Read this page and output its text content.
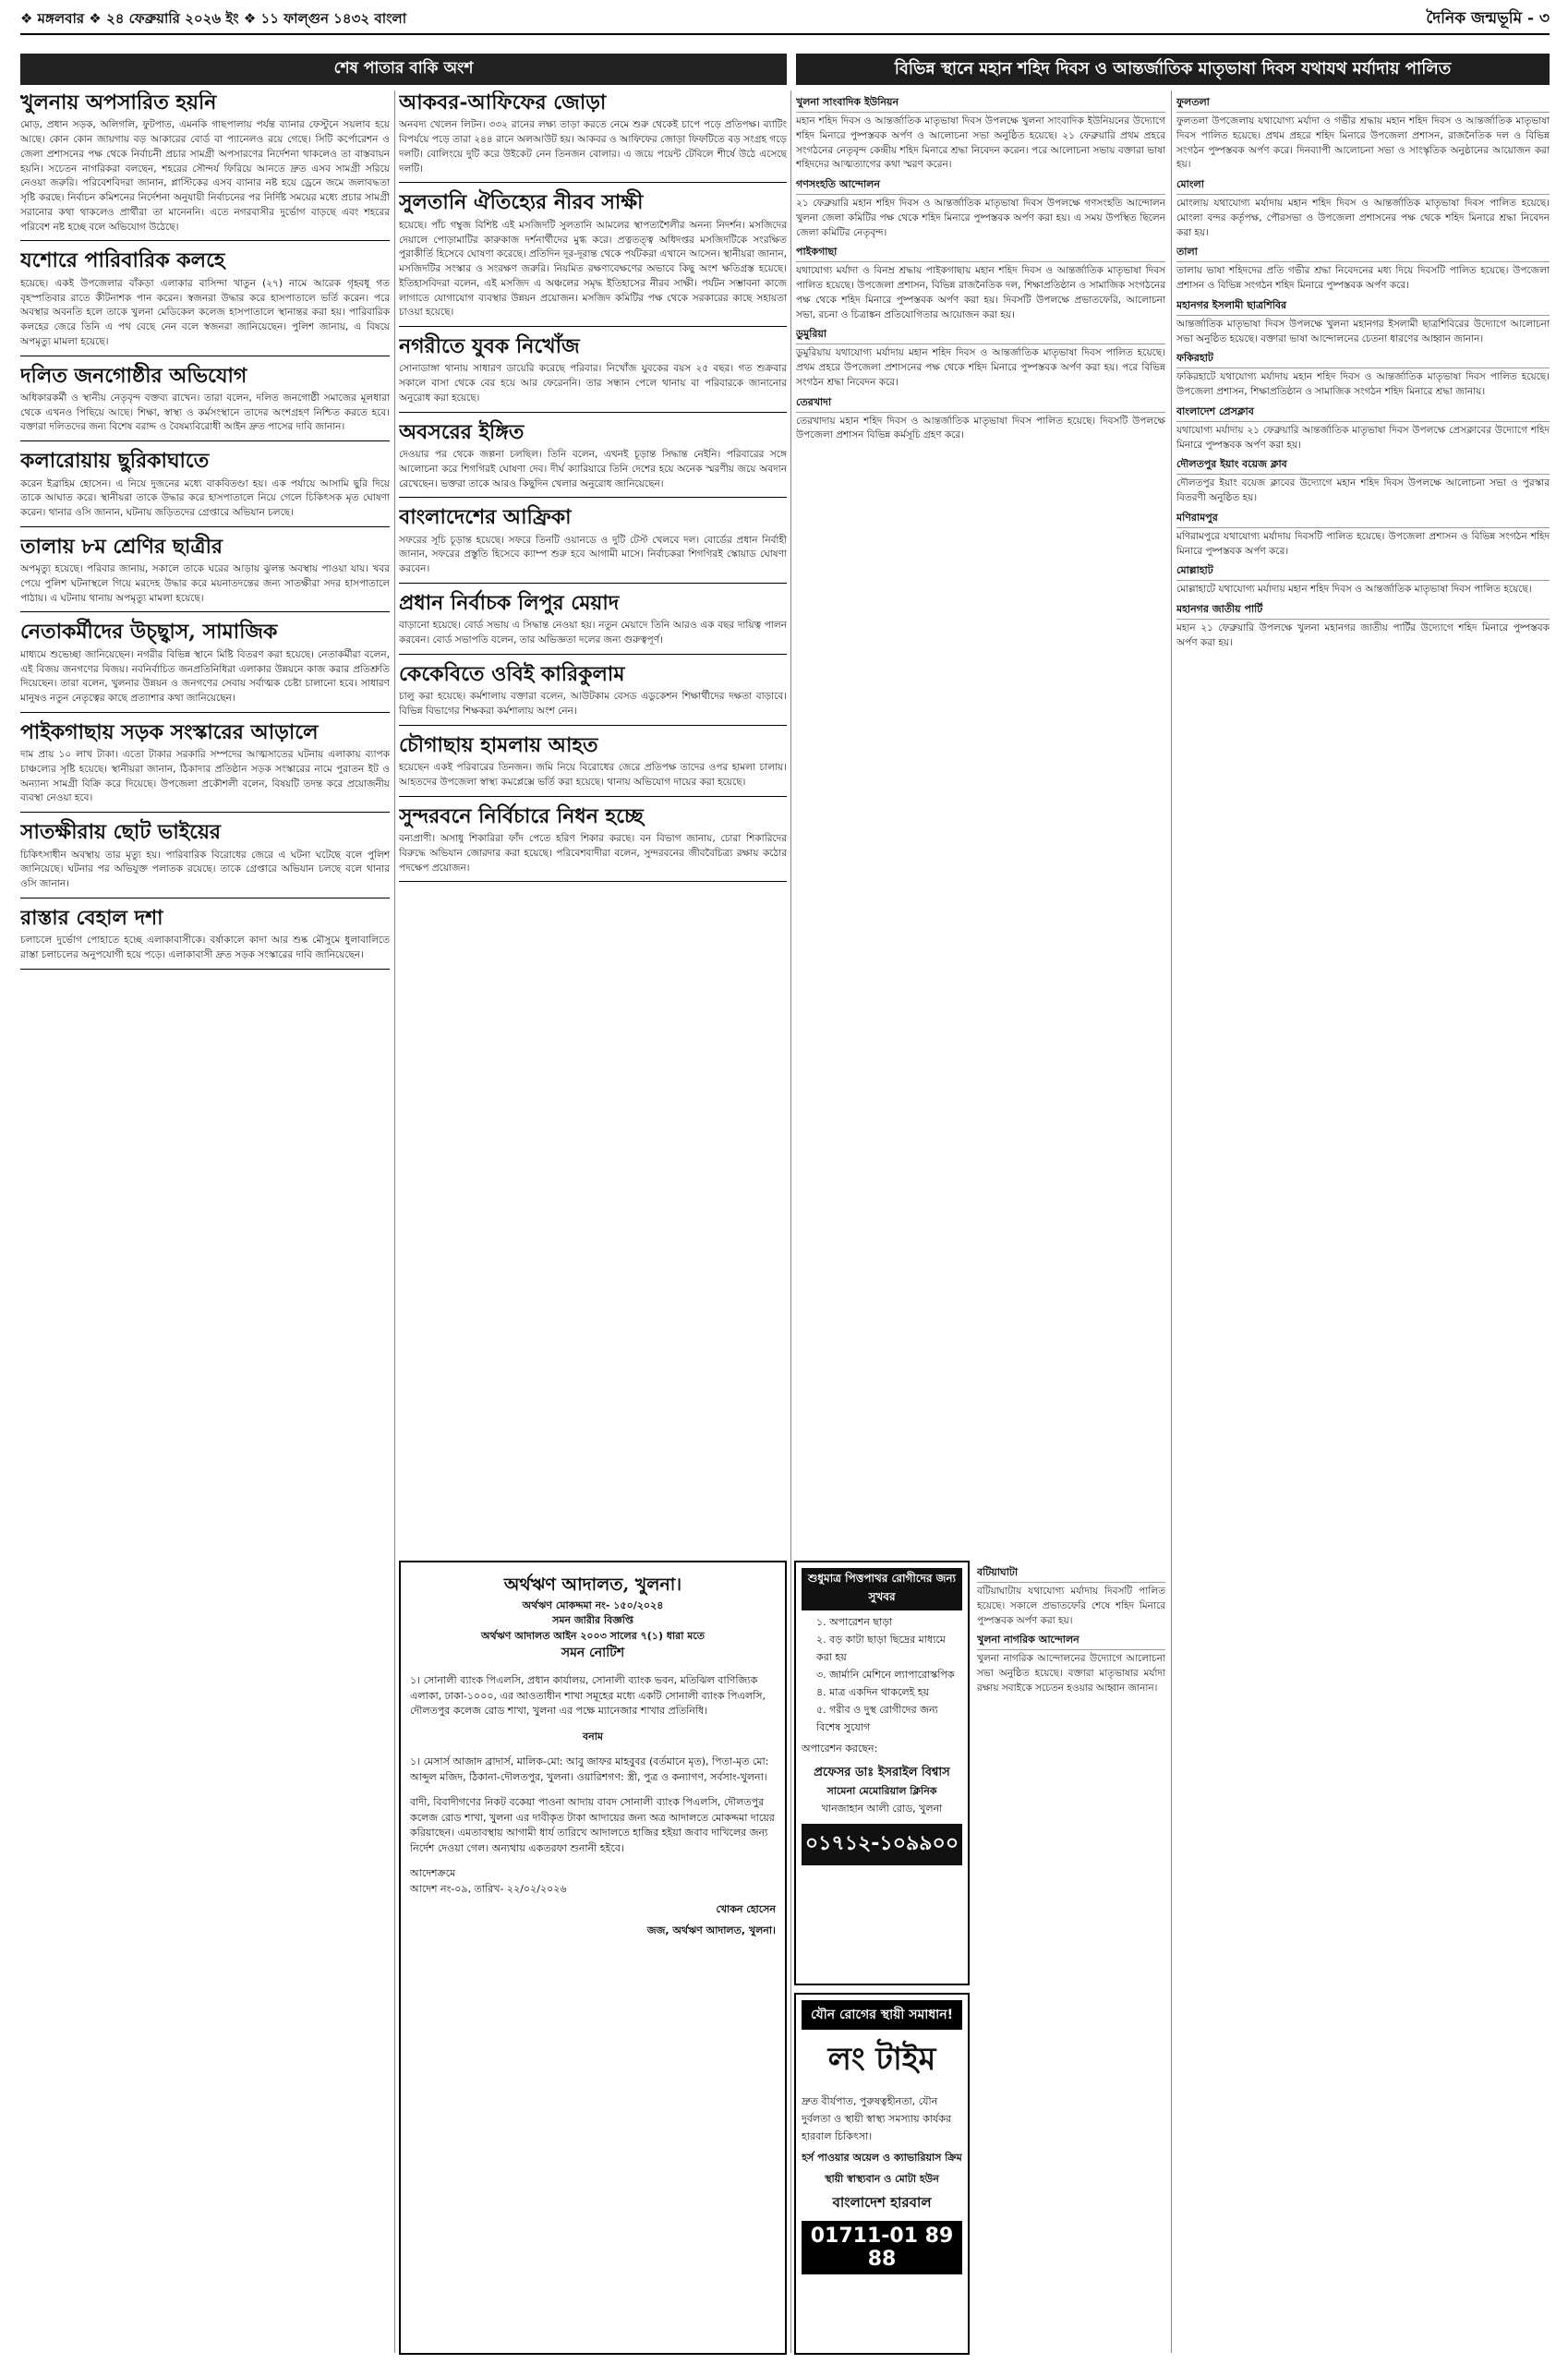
❖ মঙ্গলবার ❖ ২৪ ফেব্রুয়ারি ২০২৬ ইং ❖ ১১ ফাল্গুন ১৪৩২ বাংলা	দৈনিক জন্মভূমি - ৩
শেষ পাতার বাকি অংশ	বিভিন্ন স্থানে মহান শহিদ দিবস ও আন্তর্জাতিক মাতৃভাষা দিবস যথাযথ মর্যাদায় পালিত
খুলনায় অপসারিত হয়নি

মোড়, প্রধান সড়ক, অলিগলি, ফুটপাত, এমনকি গাছপালায় পর্যন্ত ব্যানার ফেস্টুনে সয়লাব হয়ে আছে। কোন কোন জায়গায় বড় আকারের বোর্ড বা প্যানেলও রয়ে গেছে। সিটি কর্পোরেশন ও জেলা প্রশাসনের পক্ষ থেকে নির্বাচনী প্রচার সামগ্রী অপসারণের নির্দেশনা থাকলেও তা বাস্তবায়ন হয়নি। সচেতন নাগরিকরা বলছেন, শহরের সৌন্দর্য ফিরিয়ে আনতে দ্রুত এসব সামগ্রী সরিয়ে নেওয়া জরুরি। পরিবেশবিদরা জানান, প্লাস্টিকের এসব ব্যানার নষ্ট হয়ে ড্রেনে জমে জলাবদ্ধতা সৃষ্টি করছে। নির্বাচন কমিশনের নির্দেশনা অনুযায়ী নির্বাচনের পর নির্দিষ্ট সময়ের মধ্যে প্রচার সামগ্রী সরানোর কথা থাকলেও প্রার্থীরা তা মানেননি। এতে নগরবাসীর দুর্ভোগ বাড়ছে এবং শহরের পরিবেশ নষ্ট হচ্ছে বলে অভিযোগ উঠেছে।

যশোরে পারিবারিক কলহে

হয়েছে। একই উপজেলার বাঁকড়া এলাকার বাসিন্দা খাতুন (২৭) নামে আরেক গৃহবধূ গত বৃহস্পতিবার রাতে কীটনাশক পান করেন। স্বজনরা উদ্ধার করে হাসপাতালে ভর্তি করেন। পরে অবস্থার অবনতি হলে তাকে খুলনা মেডিকেল কলেজ হাসপাতালে স্থানান্তর করা হয়। পারিবারিক কলহের জেরে তিনি এ পথ বেছে নেন বলে স্বজনরা জানিয়েছেন। পুলিশ জানায়, এ বিষয়ে অপমৃত্যু মামলা হয়েছে।

দলিত জনগোষ্ঠীর অভিযোগ

অধিকারকর্মী ও স্থানীয় নেতৃবৃন্দ বক্তব্য রাখেন। তারা বলেন, দলিত জনগোষ্ঠী সমাজের মূলধারা থেকে এখনও পিছিয়ে আছে। শিক্ষা, স্বাস্থ্য ও কর্মসংস্থানে তাদের অংশগ্রহণ নিশ্চিত করতে হবে। বক্তারা দলিতদের জন্য বিশেষ বরাদ্দ ও বৈষম্যবিরোধী আইন দ্রুত পাসের দাবি জানান।

কলারোয়ায় ছুরিকাঘাতে

করেন ইব্রাহিম হোসেন। এ নিয়ে দুজনের মধ্যে বাকবিতণ্ডা হয়। এক পর্যায়ে আসামি ছুরি দিয়ে তাকে আঘাত করে। স্থানীয়রা তাকে উদ্ধার করে হাসপাতালে নিয়ে গেলে চিকিৎসক মৃত ঘোষণা করেন। থানার ওসি জানান, ঘটনায় জড়িতদের গ্রেপ্তারে অভিযান চলছে।

তালায় ৮ম শ্রেণির ছাত্রীর

অপমৃত্যু হয়েছে। পরিবার জানায়, সকালে তাকে ঘরের আড়ায় ঝুলন্ত অবস্থায় পাওয়া যায়। খবর পেয়ে পুলিশ ঘটনাস্থলে গিয়ে মরদেহ উদ্ধার করে ময়নাতদন্তের জন্য সাতক্ষীরা সদর হাসপাতালে পাঠায়। এ ঘটনায় থানায় অপমৃত্যু মামলা হয়েছে।

নেতাকর্মীদের উচ্ছ্বাস, সামাজিক

মাধ্যমে শুভেচ্ছা জানিয়েছেন। নগরীর বিভিন্ন স্থানে মিষ্টি বিতরণ করা হয়েছে। নেতাকর্মীরা বলেন, এই বিজয় জনগণের বিজয়। নবনির্বাচিত জনপ্রতিনিধিরা এলাকার উন্নয়নে কাজ করার প্রতিশ্রুতি দিয়েছেন। তারা বলেন, খুলনার উন্নয়ন ও জনগণের সেবায় সর্বাত্মক চেষ্টা চালানো হবে। সাধারণ মানুষও নতুন নেতৃত্বের কাছে প্রত্যাশার কথা জানিয়েছেন।

পাইকগাছায় সড়ক সংস্কারের আড়ালে

দাম প্রায় ১০ লাখ টাকা। এতো টাকার সরকারি সম্পদের আত্মসাতের ঘটনায় এলাকায় ব্যাপক চাঞ্চল্যের সৃষ্টি হয়েছে। স্থানীয়রা জানান, ঠিকাদার প্রতিষ্ঠান সড়ক সংস্কারের নামে পুরাতন ইট ও অন্যান্য সামগ্রী বিক্রি করে দিয়েছে। উপজেলা প্রকৌশলী বলেন, বিষয়টি তদন্ত করে প্রয়োজনীয় ব্যবস্থা নেওয়া হবে।

সাতক্ষীরায় ছোট ভাইয়ের

চিকিৎসাধীন অবস্থায় তার মৃত্যু হয়। পারিবারিক বিরোধের জেরে এ ঘটনা ঘটেছে বলে পুলিশ জানিয়েছে। ঘটনার পর অভিযুক্ত পলাতক রয়েছে। তাকে গ্রেপ্তারে অভিযান চলছে বলে থানার ওসি জানান।

রাস্তার বেহাল দশা

চলাচলে দুর্ভোগ পোহাতে হচ্ছে এলাকাবাসীকে। বর্ষাকালে কাদা আর শুষ্ক মৌসুমে ধুলাবালিতে রাস্তা চলাচলের অনুপযোগী হয়ে পড়ে। এলাকাবাসী দ্রুত সড়ক সংস্কারের দাবি জানিয়েছেন।

আকবর-আফিফের জোড়া

অনবদ্য খেলেন লিটন। ৩৩২ রানের লক্ষ্য তাড়া করতে নেমে শুরু থেকেই চাপে পড়ে প্রতিপক্ষ। ব্যাটিং বিপর্যয়ে পড়ে তারা ২৪৪ রানে অলআউট হয়। আকবর ও আফিফের জোড়া ফিফটিতে বড় সংগ্রহ গড়ে দলটি। বোলিংয়ে দুটি করে উইকেট নেন তিনজন বোলার। এ জয়ে পয়েন্ট টেবিলে শীর্ষে উঠে এসেছে দলটি।

সুলতানি ঐতিহ্যের নীরব সাক্ষী

হয়েছে। পাঁচ গম্বুজ বিশিষ্ট এই মসজিদটি সুলতানি আমলের স্থাপত্যশৈলীর অনন্য নিদর্শন। মসজিদের দেয়ালে পোড়ামাটির কারুকাজ দর্শনার্থীদের মুগ্ধ করে। প্রত্নতত্ত্ব অধিদপ্তর মসজিদটিকে সংরক্ষিত পুরাকীর্তি হিসেবে ঘোষণা করেছে। প্রতিদিন দূর-দূরান্ত থেকে পর্যটকরা এখানে আসেন। স্থানীয়রা জানান, মসজিদটির সংস্কার ও সংরক্ষণ জরুরি। নিয়মিত রক্ষণাবেক্ষণের অভাবে কিছু অংশ ক্ষতিগ্রস্ত হয়েছে। ইতিহাসবিদরা বলেন, এই মসজিদ এ অঞ্চলের সমৃদ্ধ ইতিহাসের নীরব সাক্ষী। পর্যটন সম্ভাবনা কাজে লাগাতে যোগাযোগ ব্যবস্থার উন্নয়ন প্রয়োজন। মসজিদ কমিটির পক্ষ থেকে সরকারের কাছে সহায়তা চাওয়া হয়েছে।

নগরীতে যুবক নিখোঁজ

সোনাডাঙ্গা থানায় সাধারণ ডায়েরি করেছে পরিবার। নিখোঁজ যুবকের বয়স ২৫ বছর। গত শুক্রবার সকালে বাসা থেকে বের হয়ে আর ফেরেননি। তার সন্ধান পেলে থানায় বা পরিবারকে জানানোর অনুরোধ করা হয়েছে।

অবসরের ইঙ্গিত

দেওয়ার পর থেকে জল্পনা চলছিল। তিনি বলেন, এখনই চূড়ান্ত সিদ্ধান্ত নেইনি। পরিবারের সঙ্গে আলোচনা করে শিগগিরই ঘোষণা দেব। দীর্ঘ ক্যারিয়ারে তিনি দেশের হয়ে অনেক স্মরণীয় জয়ে অবদান রেখেছেন। ভক্তরা তাকে আরও কিছুদিন খেলার অনুরোধ জানিয়েছেন।

বাংলাদেশের আফ্রিকা

সফরের সূচি চূড়ান্ত হয়েছে। সফরে তিনটি ওয়ানডে ও দুটি টেস্ট খেলবে দল। বোর্ডের প্রধান নির্বাহী জানান, সফরের প্রস্তুতি হিসেবে ক্যাম্প শুরু হবে আগামী মাসে। নির্বাচকরা শিগগিরই স্কোয়াড ঘোষণা করবেন।

প্রধান নির্বাচক লিপুর মেয়াদ

বাড়ানো হয়েছে। বোর্ড সভায় এ সিদ্ধান্ত নেওয়া হয়। নতুন মেয়াদে তিনি আরও এক বছর দায়িত্ব পালন করবেন। বোর্ড সভাপতি বলেন, তার অভিজ্ঞতা দলের জন্য গুরুত্বপূর্ণ।

কেকেবিতে ওবিই কারিকুলাম

চালু করা হয়েছে। কর্মশালায় বক্তারা বলেন, আউটকাম বেসড এডুকেশন শিক্ষার্থীদের দক্ষতা বাড়াবে। বিভিন্ন বিভাগের শিক্ষকরা কর্মশালায় অংশ নেন।

চৌগাছায় হামলায় আহত

হয়েছেন একই পরিবারের তিনজন। জমি নিয়ে বিরোধের জেরে প্রতিপক্ষ তাদের ওপর হামলা চালায়। আহতদের উপজেলা স্বাস্থ্য কমপ্লেক্সে ভর্তি করা হয়েছে। থানায় অভিযোগ দায়ের করা হয়েছে।

সুন্দরবনে নির্বিচারে নিধন হচ্ছে

বন্যপ্রাণী। অসাধু শিকারিরা ফাঁদ পেতে হরিণ শিকার করছে। বন বিভাগ জানায়, চোরা শিকারিদের বিরুদ্ধে অভিযান জোরদার করা হয়েছে। পরিবেশবাদীরা বলেন, সুন্দরবনের জীববৈচিত্র্য রক্ষায় কঠোর পদক্ষেপ প্রয়োজন।

খুলনা সাংবাদিক ইউনিয়ন

মহান শহিদ দিবস ও আন্তর্জাতিক মাতৃভাষা দিবস উপলক্ষে খুলনা সাংবাদিক ইউনিয়নের উদ্যোগে শহিদ মিনারে পুষ্পস্তবক অর্পণ ও আলোচনা সভা অনুষ্ঠিত হয়েছে। ২১ ফেব্রুয়ারি প্রথম প্রহরে সংগঠনের নেতৃবৃন্দ কেন্দ্রীয় শহিদ মিনারে শ্রদ্ধা নিবেদন করেন। পরে আলোচনা সভায় বক্তারা ভাষা শহিদদের আত্মত্যাগের কথা স্মরণ করেন।

গণসংহতি আন্দোলন

২১ ফেব্রুয়ারি মহান শহিদ দিবস ও আন্তর্জাতিক মাতৃভাষা দিবস উপলক্ষে গণসংহতি আন্দোলন খুলনা জেলা কমিটির পক্ষ থেকে শহিদ মিনারে পুষ্পস্তবক অর্পণ করা হয়। এ সময় উপস্থিত ছিলেন জেলা কমিটির নেতৃবৃন্দ।

পাইকগাছা

যথাযোগ্য মর্যাদা ও বিনম্র শ্রদ্ধায় পাইকগাছায় মহান শহিদ দিবস ও আন্তর্জাতিক মাতৃভাষা দিবস পালিত হয়েছে। উপজেলা প্রশাসন, বিভিন্ন রাজনৈতিক দল, শিক্ষাপ্রতিষ্ঠান ও সামাজিক সংগঠনের পক্ষ থেকে শহিদ মিনারে পুষ্পস্তবক অর্পণ করা হয়। দিবসটি উপলক্ষে প্রভাতফেরি, আলোচনা সভা, রচনা ও চিত্রাঙ্কন প্রতিযোগিতার আয়োজন করা হয়।

ডুমুরিয়া

ডুমুরিয়ায় যথাযোগ্য মর্যাদায় মহান শহিদ দিবস ও আন্তর্জাতিক মাতৃভাষা দিবস পালিত হয়েছে। প্রথম প্রহরে উপজেলা প্রশাসনের পক্ষ থেকে শহিদ মিনারে পুষ্পস্তবক অর্পণ করা হয়। পরে বিভিন্ন সংগঠন শ্রদ্ধা নিবেদন করে।

তেরখাদা

তেরখাদায় মহান শহিদ দিবস ও আন্তর্জাতিক মাতৃভাষা দিবস পালিত হয়েছে। দিবসটি উপলক্ষে উপজেলা প্রশাসন বিভিন্ন কর্মসূচি গ্রহণ করে।

বটিয়াঘাটা

বটিয়াঘাটায় যথাযোগ্য মর্যাদায় দিবসটি পালিত হয়েছে। সকালে প্রভাতফেরি শেষে শহিদ মিনারে পুষ্পস্তবক অর্পণ করা হয়।

খুলনা নাগরিক আন্দোলন

খুলনা নাগরিক আন্দোলনের উদ্যোগে আলোচনা সভা অনুষ্ঠিত হয়েছে। বক্তারা মাতৃভাষার মর্যাদা রক্ষায় সবাইকে সচেতন হওয়ার আহ্বান জানান।

ফুলতলা

ফুলতলা উপজেলায় যথাযোগ্য মর্যাদা ও গভীর শ্রদ্ধায় মহান শহিদ দিবস ও আন্তর্জাতিক মাতৃভাষা দিবস পালিত হয়েছে। প্রথম প্রহরে শহিদ মিনারে উপজেলা প্রশাসন, রাজনৈতিক দল ও বিভিন্ন সংগঠন পুষ্পস্তবক অর্পণ করে। দিনব্যাপী আলোচনা সভা ও সাংস্কৃতিক অনুষ্ঠানের আয়োজন করা হয়।

মোংলা

মোংলায় যথাযোগ্য মর্যাদায় মহান শহিদ দিবস ও আন্তর্জাতিক মাতৃভাষা দিবস পালিত হয়েছে। মোংলা বন্দর কর্তৃপক্ষ, পৌরসভা ও উপজেলা প্রশাসনের পক্ষ থেকে শহিদ মিনারে শ্রদ্ধা নিবেদন করা হয়।

তালা

তালায় ভাষা শহিদদের প্রতি গভীর শ্রদ্ধা নিবেদনের মধ্য দিয়ে দিবসটি পালিত হয়েছে। উপজেলা প্রশাসন ও বিভিন্ন সংগঠন শহিদ মিনারে পুষ্পস্তবক অর্পণ করে।

মহানগর ইসলামী ছাত্রশিবির

আন্তর্জাতিক মাতৃভাষা দিবস উপলক্ষে খুলনা মহানগর ইসলামী ছাত্রশিবিরের উদ্যোগে আলোচনা সভা অনুষ্ঠিত হয়েছে। বক্তারা ভাষা আন্দোলনের চেতনা ধারণের আহ্বান জানান।

ফকিরহাট

ফকিরহাটে যথাযোগ্য মর্যাদায় মহান শহিদ দিবস ও আন্তর্জাতিক মাতৃভাষা দিবস পালিত হয়েছে। উপজেলা প্রশাসন, শিক্ষাপ্রতিষ্ঠান ও সামাজিক সংগঠন শহিদ মিনারে শ্রদ্ধা জানায়।

বাংলাদেশ প্রেসক্লাব

যথাযোগ্য মর্যাদায় ২১ ফেব্রুয়ারি আন্তর্জাতিক মাতৃভাষা দিবস উপলক্ষে প্রেসক্লাবের উদ্যোগে শহিদ মিনারে পুষ্পস্তবক অর্পণ করা হয়।

দৌলতপুর ইয়াং বয়েজ ক্লাব

দৌলতপুর ইয়াং বয়েজ ক্লাবের উদ্যোগে মহান শহিদ দিবস উপলক্ষে আলোচনা সভা ও পুরস্কার বিতরণী অনুষ্ঠিত হয়।

মণিরামপুর

মণিরামপুরে যথাযোগ্য মর্যাদায় দিবসটি পালিত হয়েছে। উপজেলা প্রশাসন ও বিভিন্ন সংগঠন শহিদ মিনারে পুষ্পস্তবক অর্পণ করে।

মোল্লাহাট

মোল্লাহাটে যথাযোগ্য মর্যাদায় মহান শহিদ দিবস ও আন্তর্জাতিক মাতৃভাষা দিবস পালিত হয়েছে।

মহানগর জাতীয় পার্টি

মহান ২১ ফেব্রুয়ারি উপলক্ষে খুলনা মহানগর জাতীয় পার্টির উদ্যোগে শহিদ মিনারে পুষ্পস্তবক অর্পণ করা হয়।

অর্থঋণ আদালত, খুলনা।
অর্থঋণ মোকদ্দমা নং- ১৫০/২০২৪
সমন জারীর বিজ্ঞপ্তি
অর্থঋণ আদালত আইন ২০০৩ সালের ৭(১) ধারা মতে
সমন নোটিশ

১। সোনালী ব্যাংক পিএলসি, প্রধান কার্যালয়, সোনালী ব্যাংক ভবন, মতিঝিল বাণিজ্যিক এলাকা, ঢাকা-১০০০, এর আওতাধীন শাখা সমূহের মধ্যে একটি সোনালী ব্যাংক পিএলসি, দৌলতপুর কলেজ রোড শাখা, খুলনা এর পক্ষে ম্যানেজার শাখার প্রতিনিধি।

বনাম

১। মেসার্স আজাদ ব্রাদার্স, মালিক-মো: আবু জাফর মাহবুবর (বর্তমানে মৃত), পিতা-মৃত মো: আব্দুল মজিদ, ঠিকানা-দৌলতপুর, খুলনা। ওয়ারিশগণ: স্ত্রী, পুত্র ও কন্যাগণ, সর্বসাং-খুলনা।

বাদী, বিবাদীগণের নিকট বকেয়া পাওনা আদায় বাবদ সোনালী ব্যাংক পিএলসি, দৌলতপুর কলেজ রোড শাখা, খুলনা এর দাবীকৃত টাকা আদায়ের জন্য অত্র আদালতে মোকদ্দমা দায়ের করিয়াছেন। এমতাবস্থায় আগামী ধার্য তারিখে আদালতে হাজির হইয়া জবাব দাখিলের জন্য নির্দেশ দেওয়া গেল। অন্যথায় একতরফা শুনানী হইবে।

আদেশক্রমে
আদেশ নং-০৯, তারিখ- ২২/০২/২০২৬
খোকন হোসেন
জজ, অর্থঋণ আদালত, খুলনা।
শুধুমাত্র পিত্তপাথর রোগীদের জন্য সুখবর
১. অপারেশন ছাড়া
২. বড় কাটা ছাড়া ছিদ্রের মাধ্যমে করা হয়
৩. জার্মানি মেশিনে ল্যাপারোস্কপিক
৪. মাত্র একদিন থাকলেই হয়
৫. গরীব ও দুস্থ রোগীদের জন্য বিশেষ সুযোগ
অপারেশন করছেন:
প্রফেসর ডাঃ ইসরাইল বিশ্বাস
সামেনা মেমোরিয়াল ক্লিনিক
খানজাহান আলী রোড, খুলনা
০১৭১২-১০৯৯০০
যৌন রোগের স্থায়ী সমাধান!
লং টাইম

দ্রুত বীর্যপাত, পুরুষত্বহীনতা, যৌন দুর্বলতা ও স্থায়ী স্বাস্থ্য সমস্যায় কার্যকর হারবাল চিকিৎসা।

হর্স পাওয়ার অয়েল ও ক্যাভারিয়াস ক্রিম
স্থায়ী স্বাস্থ্যবান ও মোটা হউন
বাংলাদেশ হারবাল
01711-01 89 88
